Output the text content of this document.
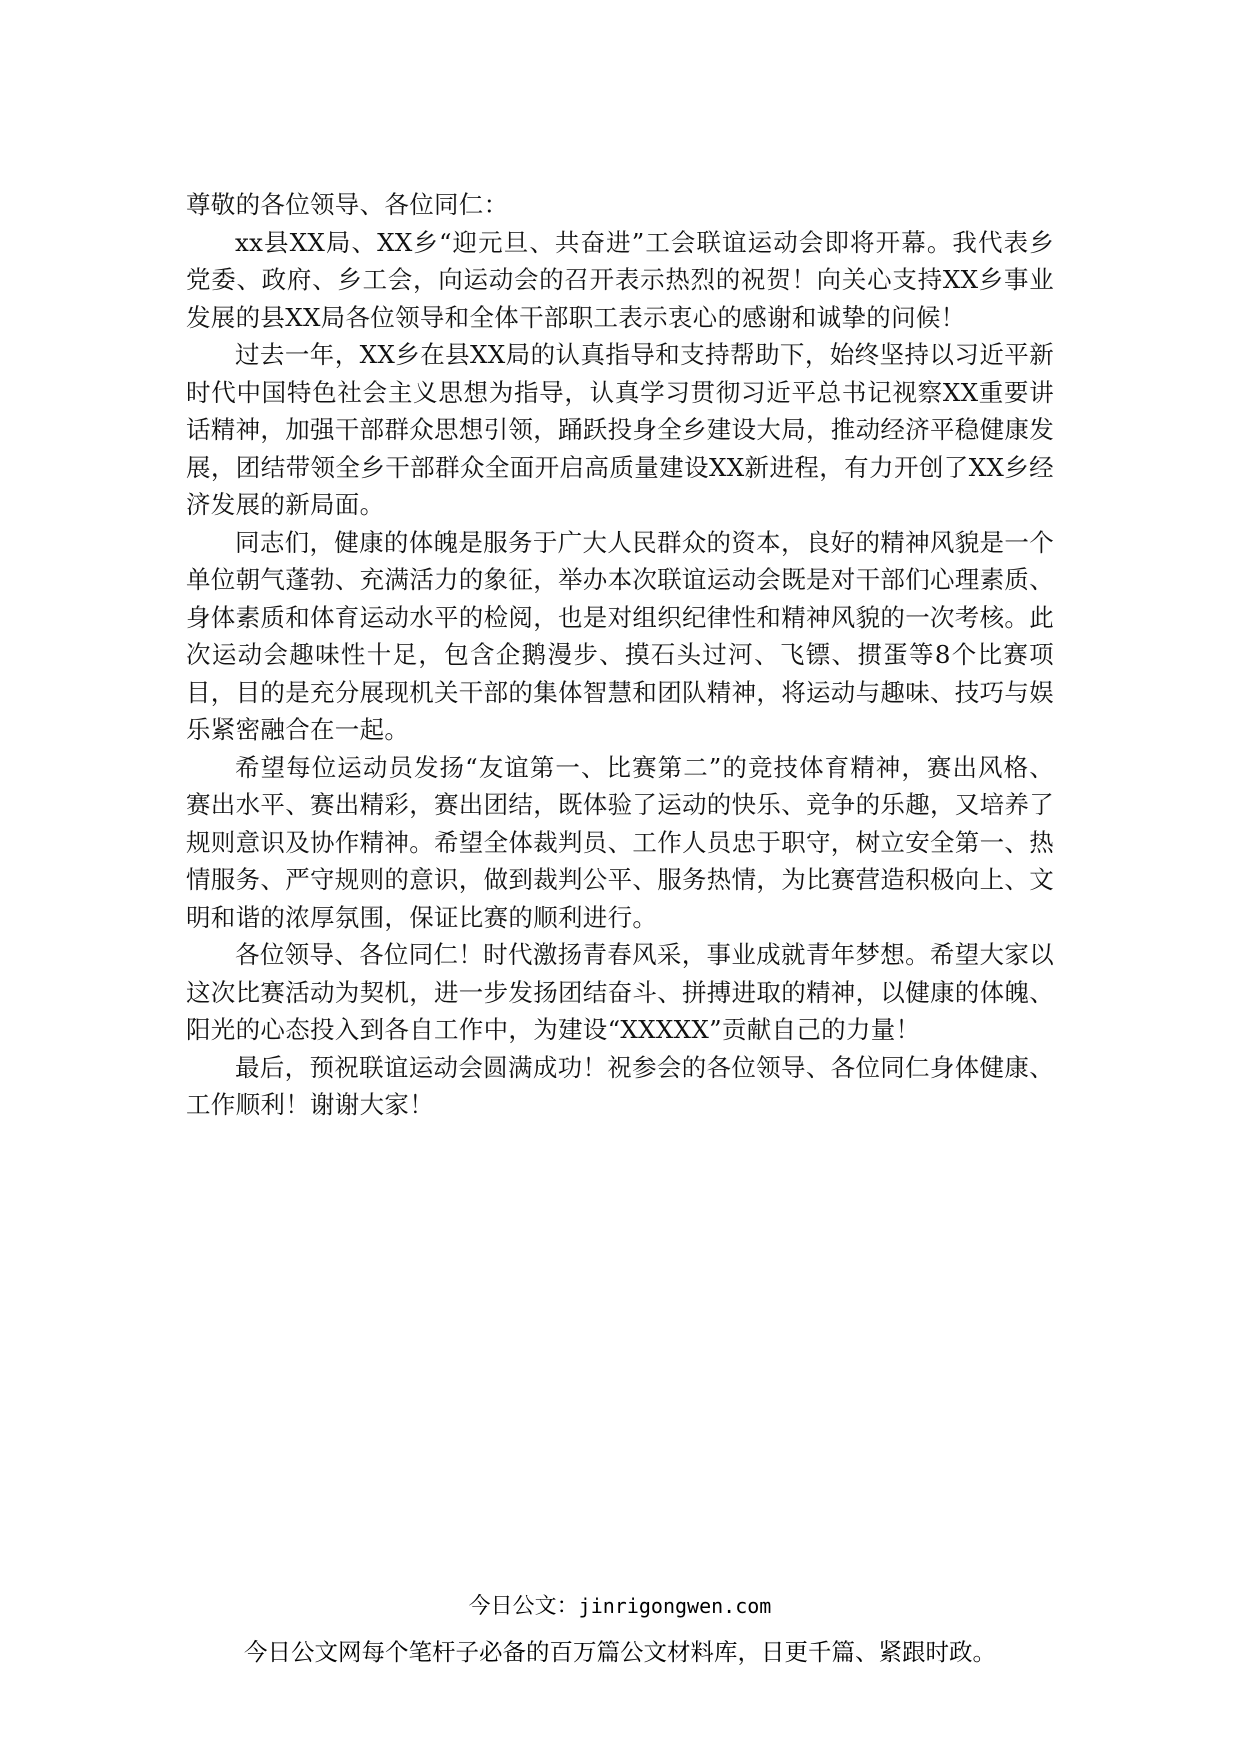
尊敬的各位领导、各位同仁：

xx县XX局、XX乡“迎元旦、共奋进”工会联谊运动会即将开幕。我代表乡党委、政府、乡工会，向运动会的召开表示热烈的祝贺！向关心支持XX乡事业发展的县XX局各位领导和全体干部职工表示衷心的感谢和诚挚的问候！

过去一年，XX乡在县XX局的认真指导和支持帮助下，始终坚持以习近平新时代中国特色社会主义思想为指导，认真学习贯彻习近平总书记视察XX重要讲话精神，加强干部群众思想引领，踊跃投身全乡建设大局，推动经济平稳健康发展，团结带领全乡干部群众全面开启高质量建设XX新进程，有力开创了XX乡经济发展的新局面。

同志们，健康的体魄是服务于广大人民群众的资本，良好的精神风貌是一个单位朝气蓬勃、充满活力的象征，举办本次联谊运动会既是对干部们心理素质、身体素质和体育运动水平的检阅，也是对组织纪律性和精神风貌的一次考核。此次运动会趣味性十足，包含企鹅漫步、摸石头过河、飞镖、掼蛋等8个比赛项目，目的是充分展现机关干部的集体智慧和团队精神，将运动与趣味、技巧与娱乐紧密融合在一起。

希望每位运动员发扬“友谊第一、比赛第二”的竞技体育精神，赛出风格、赛出水平、赛出精彩，赛出团结，既体验了运动的快乐、竞争的乐趣，又培养了规则意识及协作精神。希望全体裁判员、工作人员忠于职守，树立安全第一、热情服务、严守规则的意识，做到裁判公平、服务热情，为比赛营造积极向上、文明和谐的浓厚氛围，保证比赛的顺利进行。

各位领导、各位同仁！时代激扬青春风采，事业成就青年梦想。希望大家以这次比赛活动为契机，进一步发扬团结奋斗、拼搏进取的精神，以健康的体魄、阳光的心态投入到各自工作中，为建设“XXXXX”贡献自己的力量！

最后，预祝联谊运动会圆满成功！祝参会的各位领导、各位同仁身体健康、工作顺利！谢谢大家！

今日公文：jinrigongwen.com
今日公文网每个笔杆子必备的百万篇公文材料库，日更千篇、紧跟时政。
